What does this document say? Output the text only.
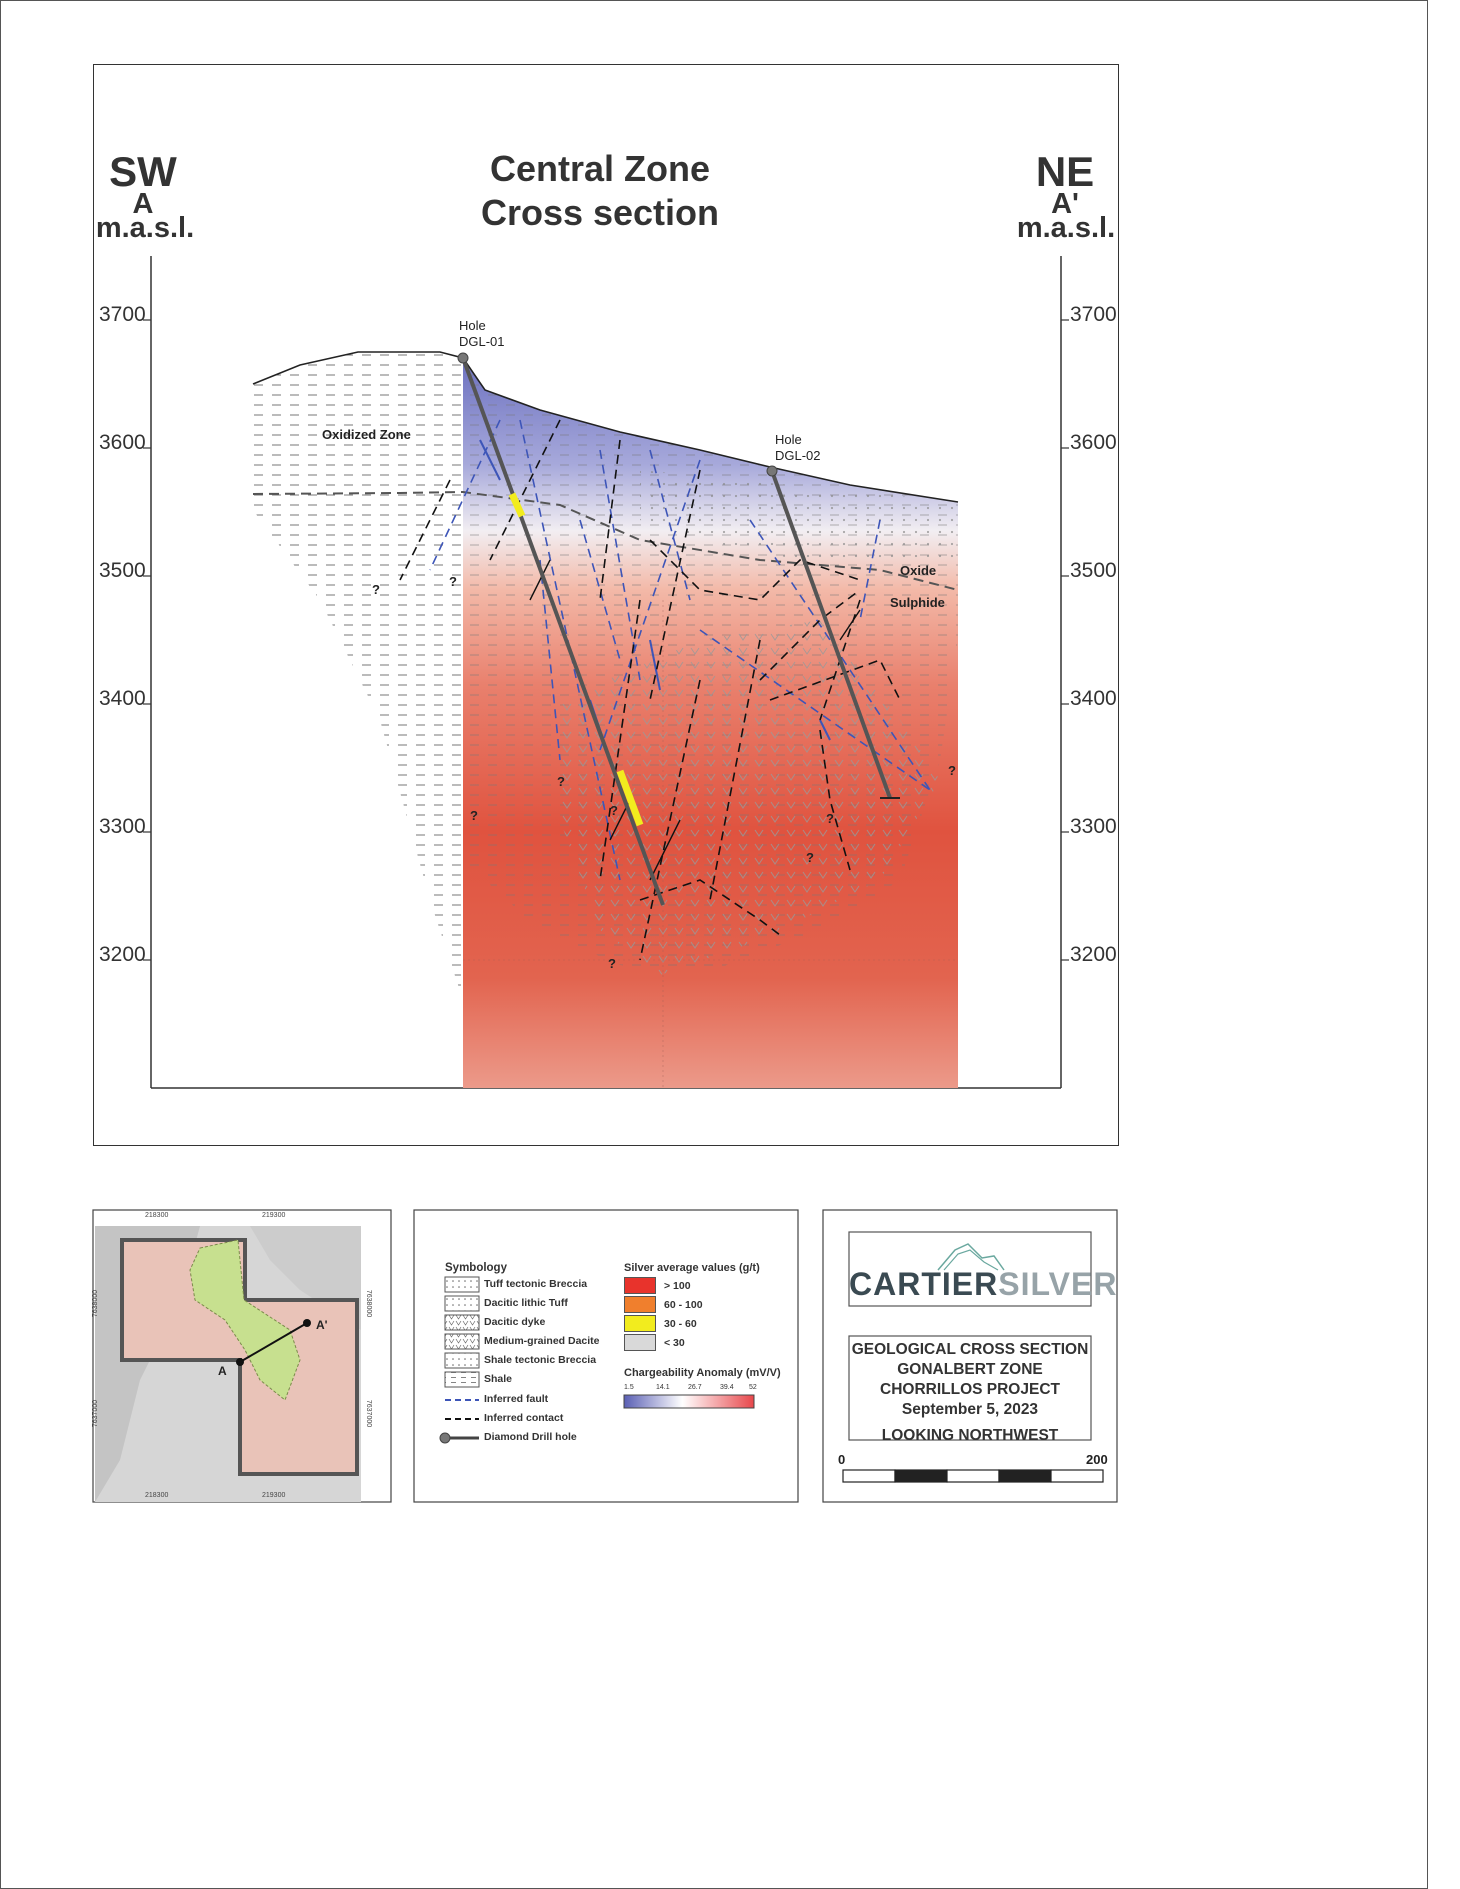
SW
A
m.a.s.l.
Central Zone
Cross section
NE
A'
m.a.s.l.
3700
3600
3500
3400
3300
3200
3700
3600
3500
3400
3300
3200
Hole
DGL-01
Hole
DGL-02
Oxidized Zone
Oxide
Sulphide
?
?
?
?
?
?
?
?
?
218300	219300
218300	219300
7638000
7637000
7638000
7637000
A
A'
Symbology
Tuff tectonic Breccia
Dacitic lithic Tuff
Dacitic dyke
Medium-grained Dacite
Shale tectonic Breccia
Shale
Inferred fault
Inferred contact
Diamond Drill hole
Silver average values (g/t)
> 100
60 - 100
30 - 60
< 30
Chargeability Anomaly (mV/V)
1.5	14.1	26.7	39.4 52
CARTIERSILVER
GEOLOGICAL CROSS SECTION
GONALBERT ZONE
CHORRILLOS PROJECT
September 5, 2023
LOOKING NORTHWEST
0	200
